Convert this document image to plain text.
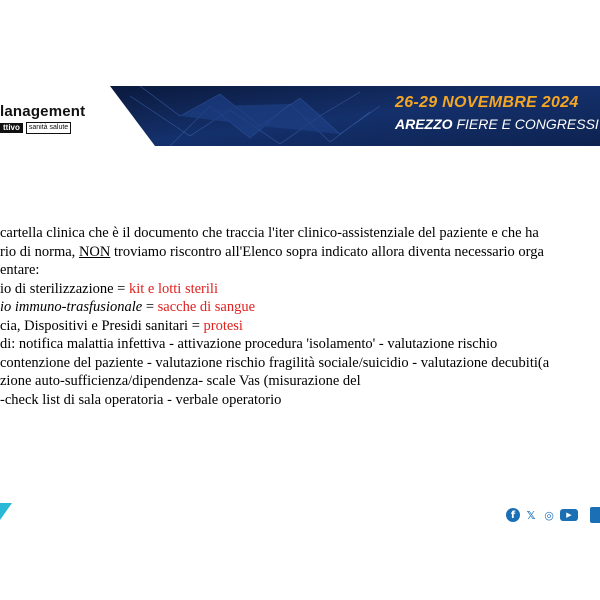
lanagement
ttivo	sanità salute
26-29 NOVEMBRE 2024
AREZZO FIERE E CONGRESSI
cartella clinica che è il documento che traccia l'iter clinico-assistenziale del paziente e che ha
rio di norma, NON troviamo riscontro all'Elenco sopra indicato allora diventa necessario orga
entare:
io di sterilizzazione = kit e lotti sterili
io immuno-trasfusionale = sacche di sangue
cia, Dispositivi e Presidi sanitari = protesi
di: notifica malattia infettiva - attivazione procedura 'isolamento' - valutazione rischio
contenzione del paziente - valutazione rischio fragilità sociale/suicidio - valutazione decubiti(a
zione auto-sufficienza/dipendenza- scale Vas (misurazione del
-check list di sala operatoria - verbale operatorio
f	𝕏 ◎	▶
